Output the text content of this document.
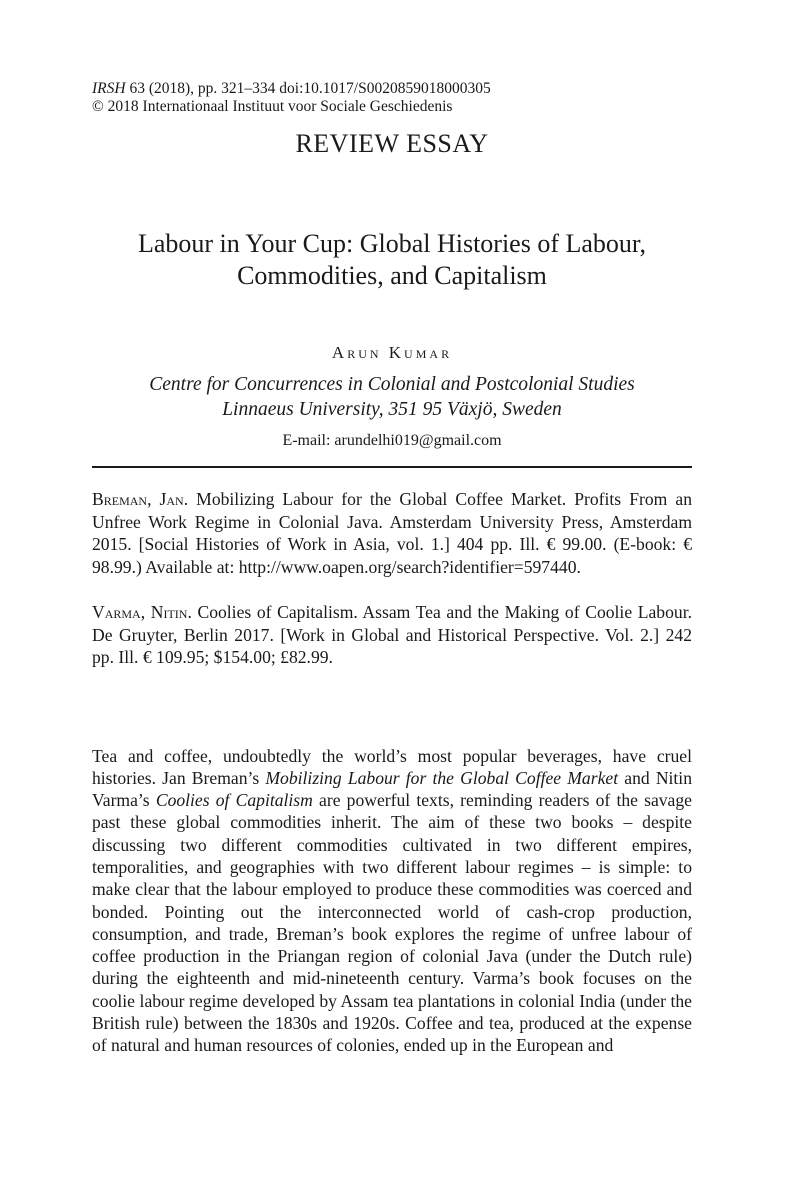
IRSH 63 (2018), pp. 321–334 doi:10.1017/S0020859018000305

© 2018 Internationaal Instituut voor Sociale Geschiedenis

REVIEW ESSAY
Labour in Your Cup: Global Histories of Labour,
Commodities, and Capitalism
Arun Kumar
Centre for Concurrences in Colonial and Postcolonial Studies
Linnaeus University, 351 95 Växjö, Sweden
E-mail: arundelhi019@gmail.com

Breman, Jan. Mobilizing Labour for the Global Coffee Market. Profits From an Unfree Work Regime in Colonial Java. Amsterdam University Press, Amsterdam 2015. [Social Histories of Work in Asia, vol. 1.] 404 pp. Ill. € 99.00. (E-book: € 98.99.) Available at: http://www.oapen.org/search?identifier=597440.

Varma, Nitin. Coolies of Capitalism. Assam Tea and the Making of Coolie Labour. De Gruyter, Berlin 2017. [Work in Global and Historical Perspective. Vol. 2.] 242 pp. Ill. € 109.95; $154.00; £82.99.

Tea and coffee, undoubtedly the world’s most popular beverages, have cruel histories. Jan Breman’s Mobilizing Labour for the Global Coffee Market and Nitin Varma’s Coolies of Capitalism are powerful texts, reminding readers of the savage past these global commodities inherit. The aim of these two books – despite discussing two different commodities cultivated in two different empires, temporalities, and geographies with two different labour regimes – is simple: to make clear that the labour employed to produce these commodities was coerced and bonded. Pointing out the interconnected world of cash-crop production, consumption, and trade, Breman’s book explores the regime of unfree labour of coffee production in the Priangan region of colonial Java (under the Dutch rule) during the eighteenth and mid-nineteenth century. Varma’s book focuses on the coolie labour regime developed by Assam tea plantations in colonial India (under the British rule) between the 1830s and 1920s. Coffee and tea, produced at the expense of natural and human resources of colonies, ended up in the European and
